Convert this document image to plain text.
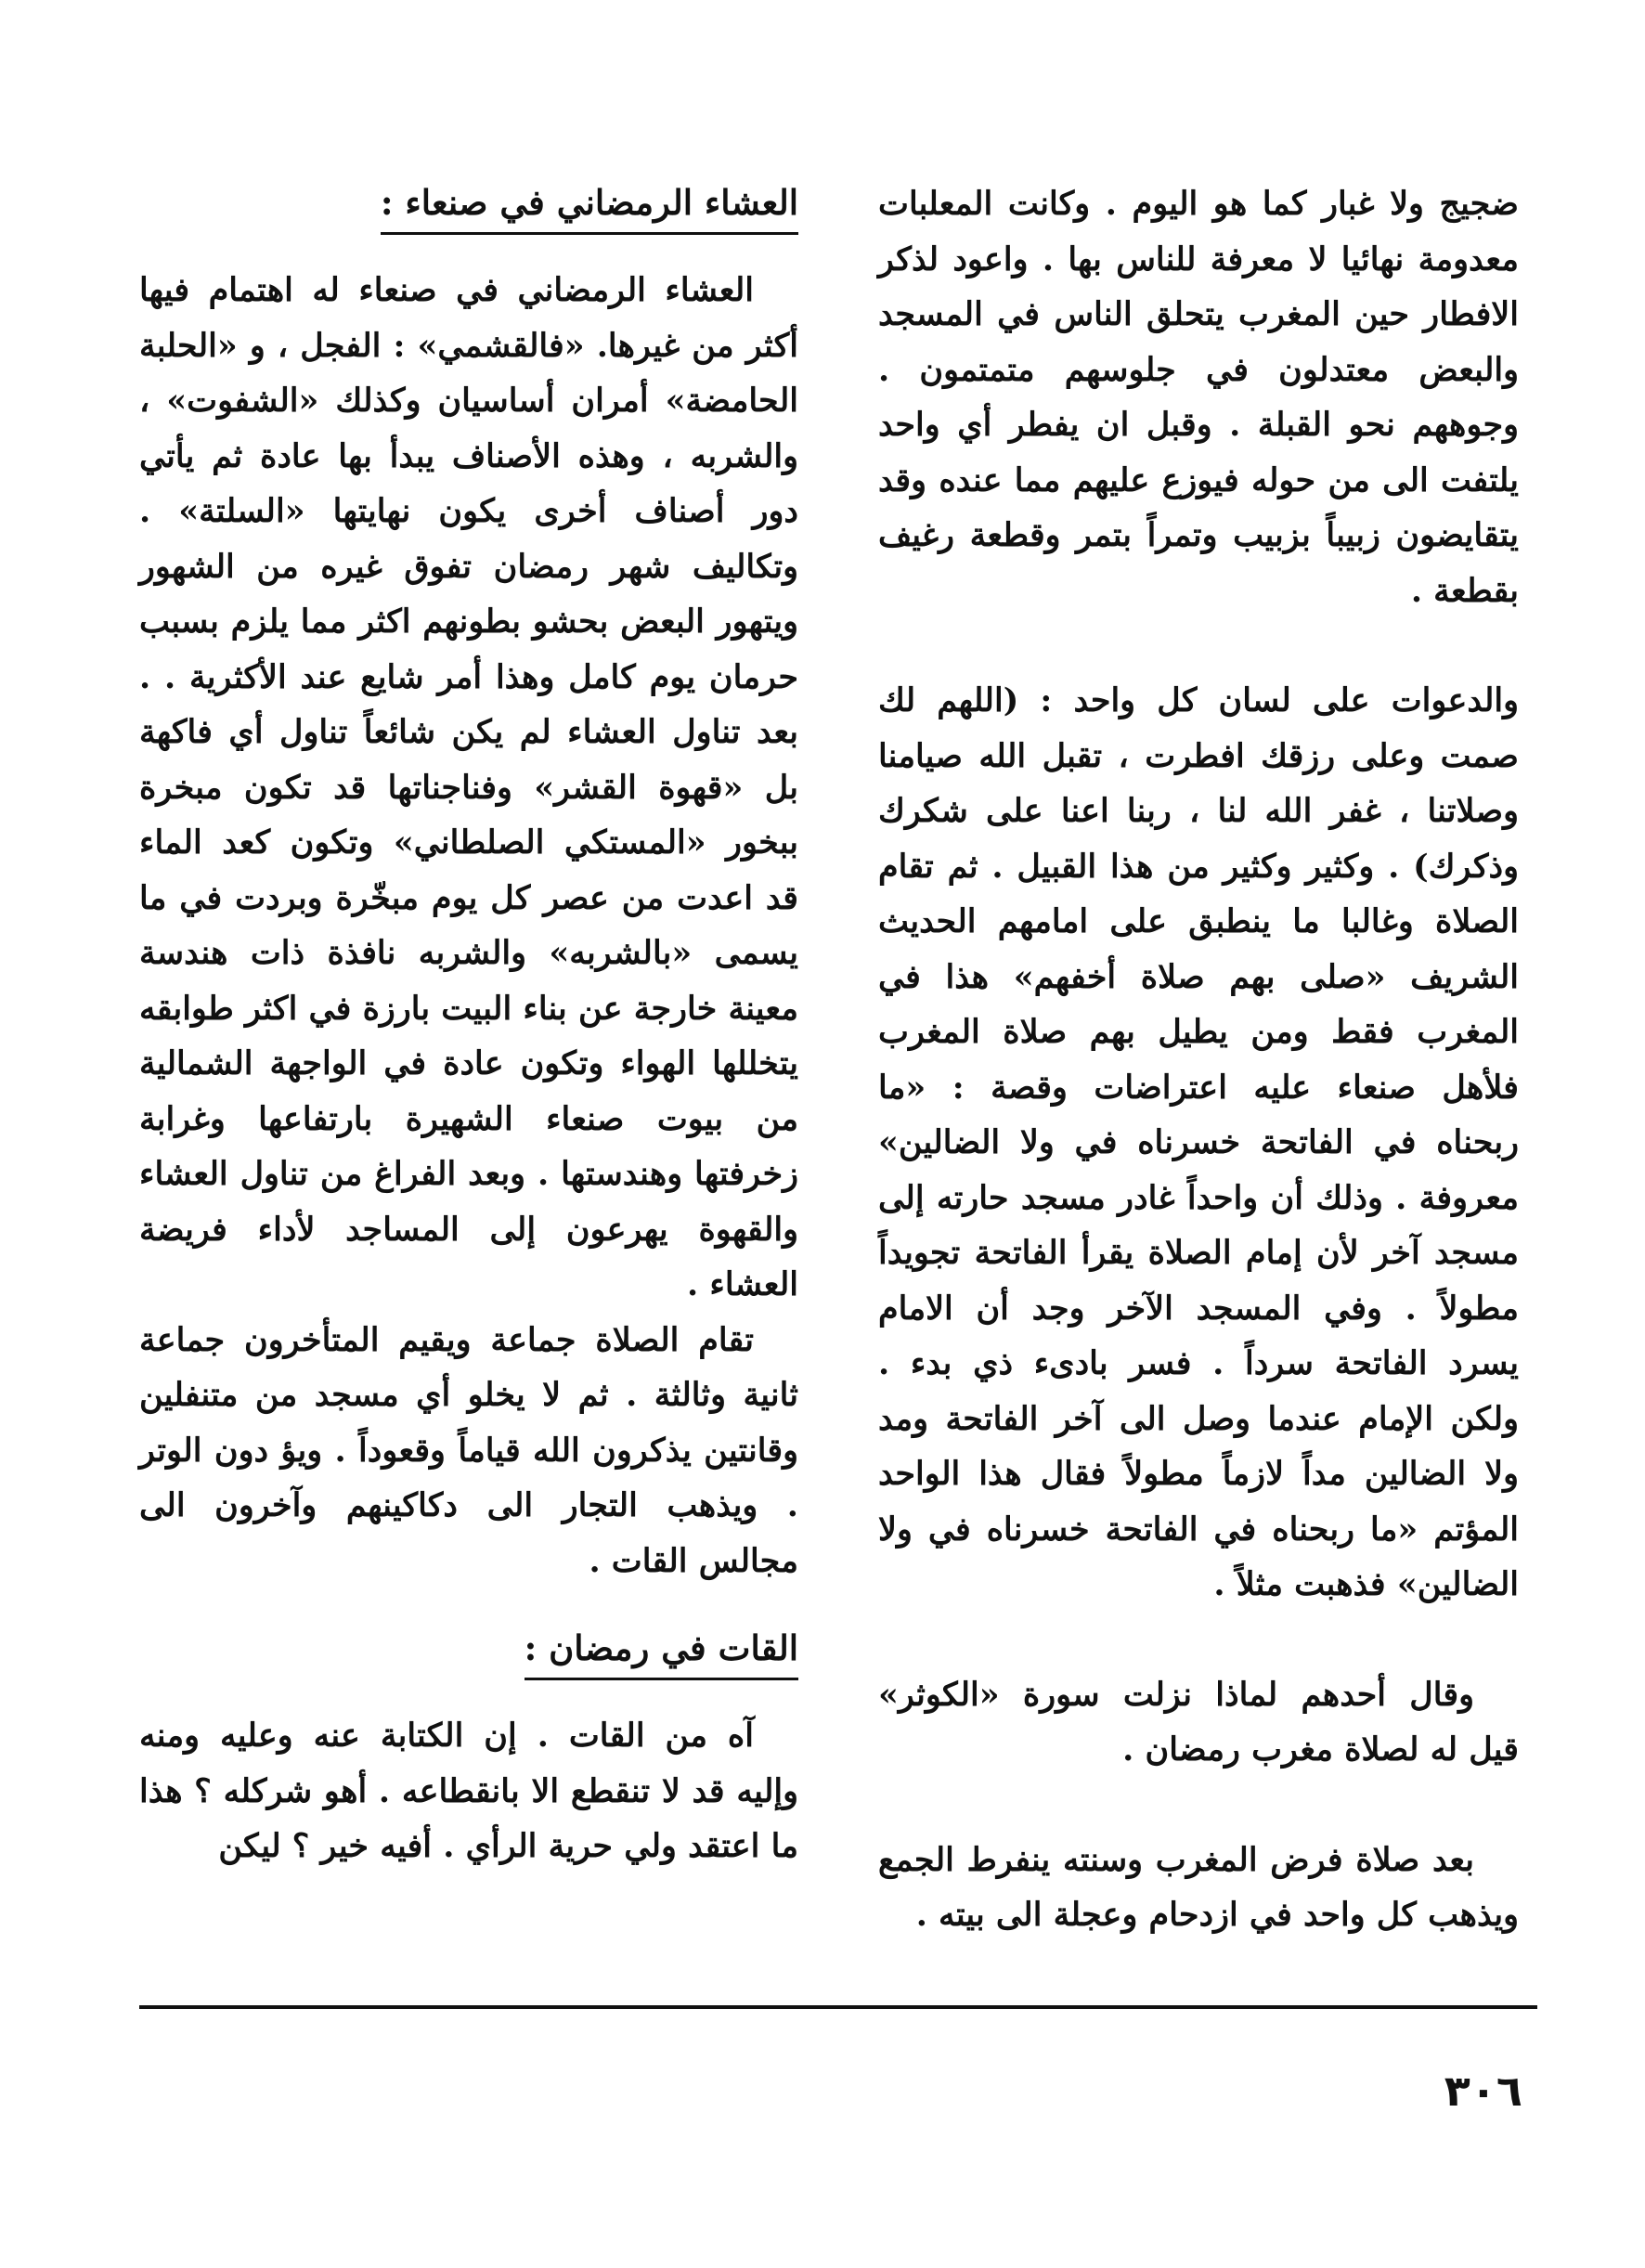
ضجيج ولا غبار كما هو اليوم . وكانت المعلبات معدومة نهائيا لا معرفة للناس بها . واعود لذكر الافطار حين المغرب يتحلق الناس في المسجد والبعض معتدلون في جلوسهم متمتمون . وجوههم نحو القبلة . وقبل ان يفطر أي واحد يلتفت الى من حوله فيوزع عليهم مما عنده وقد يتقايضون زبيباً بزبيب وتمراً بتمر وقطعة رغيف بقطعة .

والدعوات على لسان كل واحد : (اللهم لك صمت وعلى رزقك افطرت ، تقبل الله صيامنا وصلاتنا ، غفر الله لنا ، ربنا اعنا على شكرك وذكرك) . وكثير وكثير من هذا القبيل . ثم تقام الصلاة وغالبا ما ينطبق على امامهم الحديث الشريف «صلى بهم صلاة أخفهم» هذا في المغرب فقط ومن يطيل بهم صلاة المغرب فلأهل صنعاء عليه اعتراضات وقصة : «ما ربحناه في الفاتحة خسرناه في ولا الضالين» معروفة . وذلك أن واحداً غادر مسجد حارته إلى مسجد آخر لأن إمام الصلاة يقرأ الفاتحة تجويداً مطولاً . وفي المسجد الآخر وجد أن الامام يسرد الفاتحة سرداً . فسر بادىء ذي بدء . ولكن الإمام عندما وصل الى آخر الفاتحة ومد ولا الضالين مداً لازماً مطولاً فقال هذا الواحد المؤتم «ما ربحناه في الفاتحة خسرناه في ولا الضالين» فذهبت مثلاً .

وقال أحدهم لماذا نزلت سورة «الكوثر» قيل له لصلاة مغرب رمضان .

بعد صلاة فرض المغرب وسنته ينفرط الجمع ويذهب كل واحد في ازدحام وعجلة الى بيته .

العشاء الرمضاني في صنعاء :

العشاء الرمضاني في صنعاء له اهتمام فيها أكثر من غيرها. «فالقشمي» : الفجل ، و «الحلبة الحامضة» أمران أساسيان وكذلك «الشفوت» ، والشربه ، وهذه الأصناف يبدأ بها عادة ثم يأتي دور أصناف أخرى يكون نهايتها «السلتة» . وتكاليف شهر رمضان تفوق غيره من الشهور ويتهور البعض بحشو بطونهم اكثر مما يلزم بسبب حرمان يوم كامل وهذا أمر شايع عند الأكثرية . . بعد تناول العشاء لم يكن شائعاً تناول أي فاكهة بل «قهوة القشر» وفناجناتها قد تكون مبخرة ببخور «المستكي الصلطاني» وتكون كعد الماء قد اعدت من عصر كل يوم مبخّرة وبردت في ما يسمى «بالشربه» والشربه نافذة ذات هندسة معينة خارجة عن بناء البيت بارزة في اكثر طوابقه يتخللها الهواء وتكون عادة في الواجهة الشمالية من بيوت صنعاء الشهيرة بارتفاعها وغرابة زخرفتها وهندستها . وبعد الفراغ من تناول العشاء والقهوة يهرعون إلى المساجد لأداء فريضة العشاء .

تقام الصلاة جماعة ويقيم المتأخرون جماعة ثانية وثالثة . ثم لا يخلو أي مسجد من متنفلين وقانتين يذكرون الله قياماً وقعوداً . ويؤ دون الوتر . ويذهب التجار الى دكاكينهم وآخرون الى مجالس القات .

القات في رمضان :

آه من القات . إن الكتابة عنه وعليه ومنه وإليه قد لا تنقطع الا بانقطاعه . أهو شركله ؟ هذا ما اعتقد ولي حرية الرأي . أفيه خير ؟ ليكن

٣٠٦
